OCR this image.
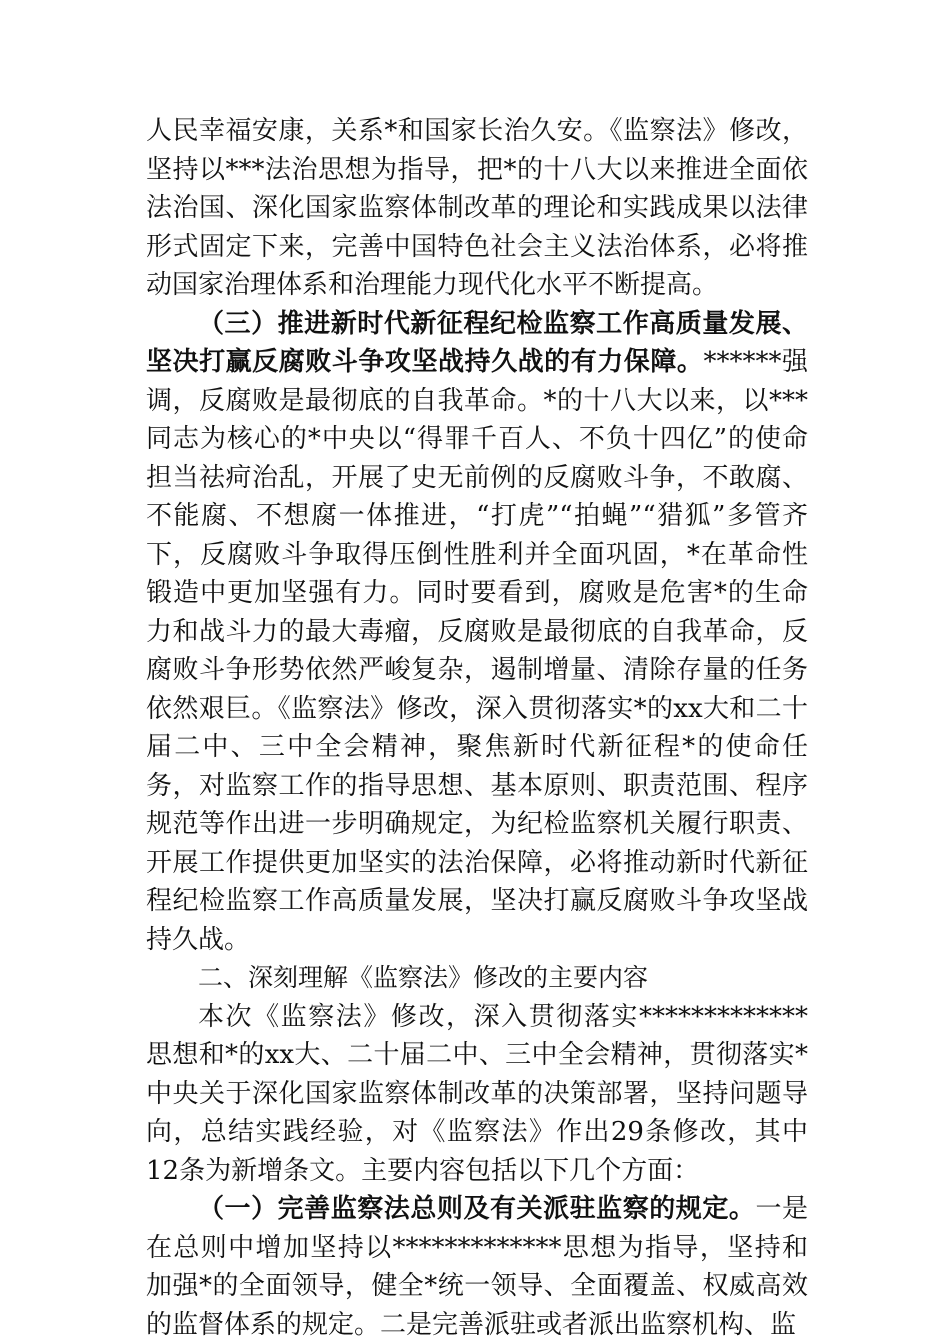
人民幸福安康，关系*和国家长治久安。《监察法》修改，坚持以***法治思想为指导，把*的十八大以来推进全面依法治国、深化国家监察体制改革的理论和实践成果以法律形式固定下来，完善中国特色社会主义法治体系，必将推动国家治理体系和治理能力现代化水平不断提高。

（三）推进新时代新征程纪检监察工作高质量发展、坚决打赢反腐败斗争攻坚战持久战的有力保障。******强调，反腐败是最彻底的自我革命。*的十八大以来，以***同志为核心的*中央以“得罪千百人、不负十四亿”的使命担当祛疴治乱，开展了史无前例的反腐败斗争，不敢腐、不能腐、不想腐一体推进，“打虎”“拍蝇”“猎狐”多管齐下，反腐败斗争取得压倒性胜利并全面巩固，*在革命性锻造中更加坚强有力。同时要看到，腐败是危害*的生命力和战斗力的最大毒瘤，反腐败是最彻底的自我革命，反腐败斗争形势依然严峻复杂，遏制增量、清除存量的任务依然艰巨。《监察法》修改，深入贯彻落实*的xx大和二十届二中、三中全会精神，聚焦新时代新征程*的使命任务，对监察工作的指导思想、基本原则、职责范围、程序规范等作出进一步明确规定，为纪检监察机关履行职责、开展工作提供更加坚实的法治保障，必将推动新时代新征程纪检监察工作高质量发展，坚决打赢反腐败斗争攻坚战持久战。

二、深刻理解《监察法》修改的主要内容

本次《监察法》修改，深入贯彻落实*************思想和*的xx大、二十届二中、三中全会精神，贯彻落实*中央关于深化国家监察体制改革的决策部署，坚持问题导向，总结实践经验，对《监察法》作出29条修改，其中12条为新增条文。主要内容包括以下几个方面：

（一）完善监察法总则及有关派驻监察的规定。一是在总则中增加坚持以*************思想为指导，坚持和加强*的全面领导，健全*统一领导、全面覆盖、权威高效的监督体系的规定。二是完善派驻或者派出监察机构、监
